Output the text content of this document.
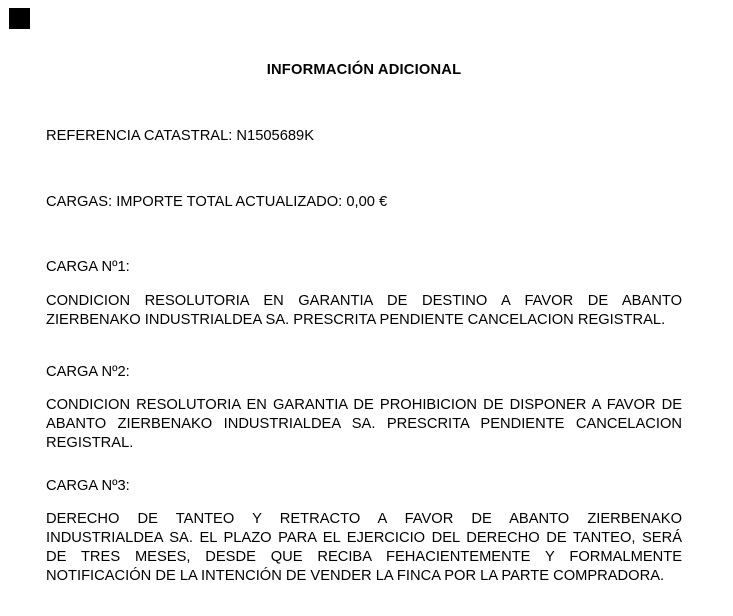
INFORMACIÓN ADICIONAL

REFERENCIA CATASTRAL: N1505689K

CARGAS: IMPORTE TOTAL ACTUALIZADO: 0,00 €

CARGA Nº1:

CONDICION RESOLUTORIA EN GARANTIA DE DESTINO A FAVOR DE ABANTO
ZIERBENAKO INDUSTRIALDEA SA. PRESCRITA PENDIENTE CANCELACION REGISTRAL.

CARGA Nº2:

CONDICION RESOLUTORIA EN GARANTIA DE PROHIBICION DE DISPONER A FAVOR DE
ABANTO ZIERBENAKO INDUSTRIALDEA SA. PRESCRITA PENDIENTE CANCELACION
REGISTRAL.

CARGA Nº3:

DERECHO DE TANTEO Y RETRACTO A FAVOR DE ABANTO ZIERBENAKO
INDUSTRIALDEA SA. EL PLAZO PARA EL EJERCICIO DEL DERECHO DE TANTEO, SERÁ
DE TRES MESES, DESDE QUE RECIBA FEHACIENTEMENTE Y FORMALMENTE
NOTIFICACIÓN DE LA INTENCIÓN DE VENDER LA FINCA POR LA PARTE COMPRADORA.
